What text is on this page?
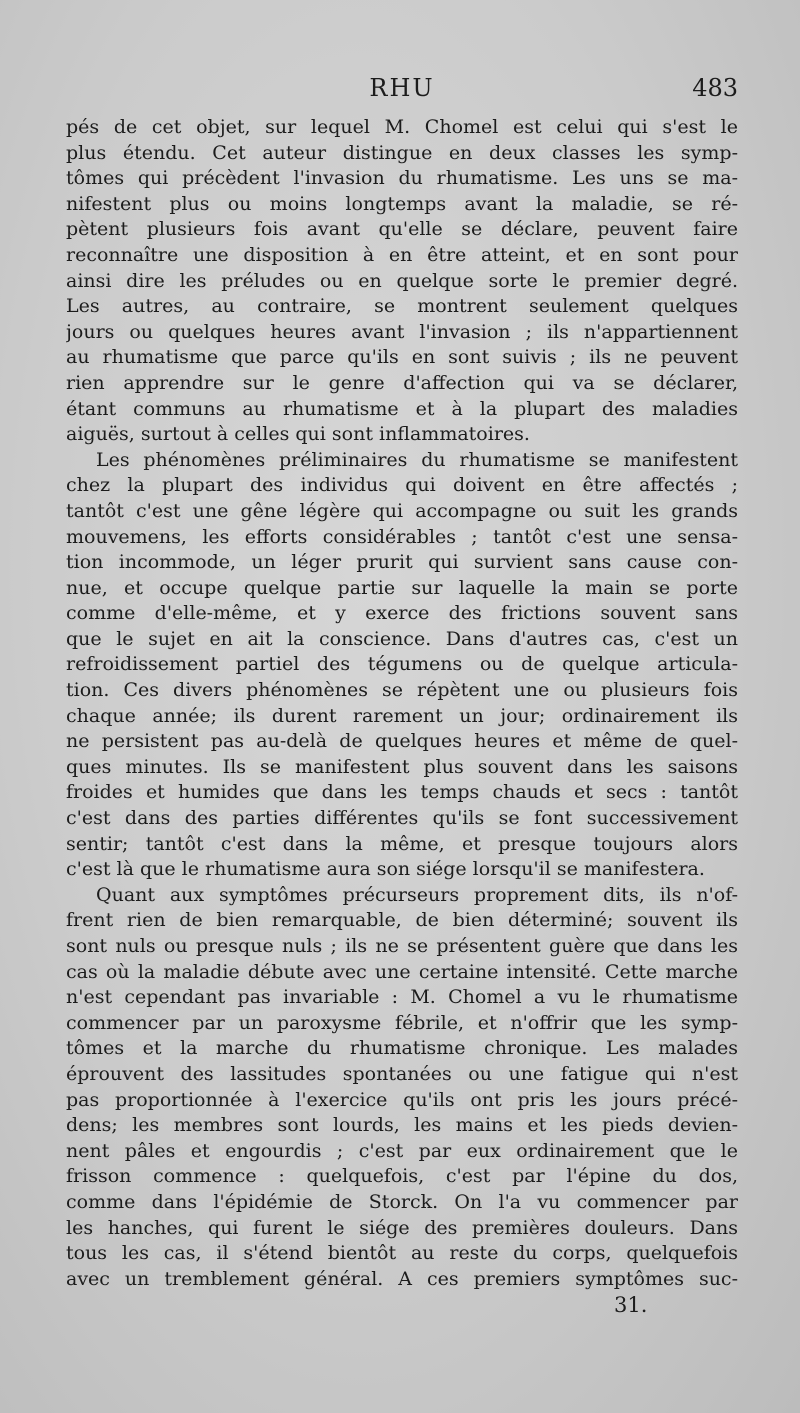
RHU	483
pés de cet objet, sur lequel M. Chomel est celui qui s'est le
plus étendu. Cet auteur distingue en deux classes les symp-
tômes qui précèdent l'invasion du rhumatisme. Les uns se ma-
nifestent plus ou moins longtemps avant la maladie, se ré-
pètent plusieurs fois avant qu'elle se déclare, peuvent faire
reconnaître une disposition à en être atteint, et en sont pour
ainsi dire les préludes ou en quelque sorte le premier degré.
Les autres, au contraire, se montrent seulement quelques
jours ou quelques heures avant l'invasion ; ils n'appartiennent
au rhumatisme que parce qu'ils en sont suivis ; ils ne peuvent
rien apprendre sur le genre d'affection qui va se déclarer,
étant communs au rhumatisme et à la plupart des maladies
aiguës, surtout à celles qui sont inflammatoires.
Les phénomènes préliminaires du rhumatisme se manifestent
chez la plupart des individus qui doivent en être affectés ;
tantôt c'est une gêne légère qui accompagne ou suit les grands
mouvemens, les efforts considérables ; tantôt c'est une sensa-
tion incommode, un léger prurit qui survient sans cause con-
nue, et occupe quelque partie sur laquelle la main se porte
comme d'elle-même, et y exerce des frictions souvent sans
que le sujet en ait la conscience. Dans d'autres cas, c'est un
refroidissement partiel des tégumens ou de quelque articula-
tion. Ces divers phénomènes se répètent une ou plusieurs fois
chaque année; ils durent rarement un jour; ordinairement ils
ne persistent pas au-delà de quelques heures et même de quel-
ques minutes. Ils se manifestent plus souvent dans les saisons
froides et humides que dans les temps chauds et secs : tantôt
c'est dans des parties différentes qu'ils se font successivement
sentir; tantôt c'est dans la même, et presque toujours alors
c'est là que le rhumatisme aura son siége lorsqu'il se manifestera.
Quant aux symptômes précurseurs proprement dits, ils n'of-
frent rien de bien remarquable, de bien déterminé; souvent ils
sont nuls ou presque nuls ; ils ne se présentent guère que dans les
cas où la maladie débute avec une certaine intensité. Cette marche
n'est cependant pas invariable : M. Chomel a vu le rhumatisme
commencer par un paroxysme fébrile, et n'offrir que les symp-
tômes et la marche du rhumatisme chronique. Les malades
éprouvent des lassitudes spontanées ou une fatigue qui n'est
pas proportionnée à l'exercice qu'ils ont pris les jours précé-
dens; les membres sont lourds, les mains et les pieds devien-
nent pâles et engourdis ; c'est par eux ordinairement que le
frisson commence : quelquefois, c'est par l'épine du dos,
comme dans l'épidémie de Storck. On l'a vu commencer par
les hanches, qui furent le siége des premières douleurs. Dans
tous les cas, il s'étend bientôt au reste du corps, quelquefois
avec un tremblement général. A ces premiers symptômes suc-
31.
